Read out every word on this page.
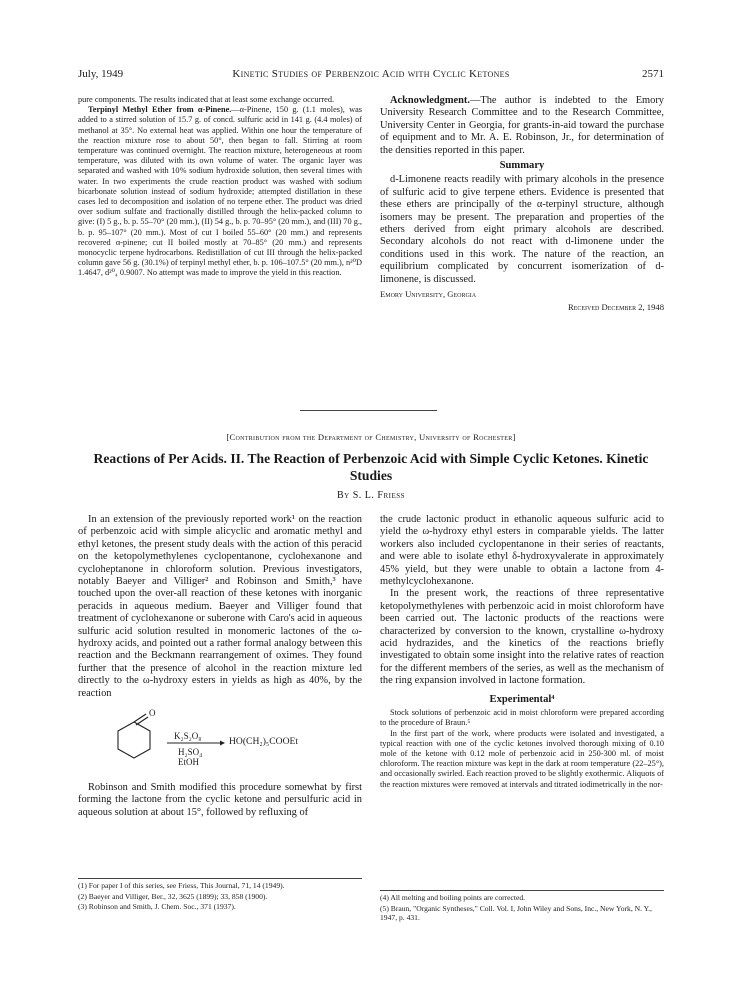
July, 1949	Kinetic Studies of Perbenzoic Acid with Cyclic Ketones	2571

pure components. The results indicated that at least some exchange occurred.

Terpinyl Methyl Ether from α-Pinene.—α-Pinene, 150 g. (1.1 moles), was added to a stirred solution of 15.7 g. of concd. sulfuric acid in 141 g. (4.4 moles) of methanol at 35°. No external heat was applied. Within one hour the temperature of the reaction mixture rose to about 50°, then began to fall. Stirring at room temperature was continued overnight. The reaction mixture, heterogeneous at room temperature, was diluted with its own volume of water. The organic layer was separated and washed with 10% sodium hydroxide solution, then several times with water. In two experiments the crude reaction product was washed with sodium bicarbonate solution instead of sodium hydroxide; attempted distillation in these cases led to decomposition and isolation of no terpene ether. The product was dried over sodium sulfate and fractionally distilled through the helix-packed column to give: (I) 5 g., b. p. 55–70° (20 mm.), (II) 54 g., b. p. 70–95° (20 mm.), and (III) 70 g., b. p. 95–107° (20 mm.). Most of cut I boiled 55–60° (20 mm.) and represents recovered α-pinene; cut II boiled mostly at 70–85° (20 mm.) and represents monocyclic terpene hydrocarbons. Redistillation of cut III through the helix-packed column gave 56 g. (30.1%) of terpinyl methyl ether, b. p. 106–107.5° (20 mm.), n²⁰D 1.4647, d²⁰₄ 0.9007. No attempt was made to improve the yield in this reaction.

Acknowledgment.—The author is indebted to the Emory University Research Committee and to the Research Committee, University Center in Georgia, for grants-in-aid toward the purchase of equipment and to Mr. A. E. Robinson, Jr., for determination of the densities reported in this paper.

Summary

d-Limonene reacts readily with primary alcohols in the presence of sulfuric acid to give terpene ethers. Evidence is presented that these ethers are principally of the α-terpinyl structure, although isomers may be present. The preparation and properties of the ethers derived from eight primary alcohols are described. Secondary alcohols do not react with d-limonene under the conditions used in this work. The nature of the reaction, an equilibrium complicated by concurrent isomerization of d-limonene, is discussed.

Emory University, Georgia
Received December 2, 1948
[Contribution from the Department of Chemistry, University of Rochester]
Reactions of Per Acids. II. The Reaction of Perbenzoic Acid with Simple Cyclic Ketones. Kinetic Studies
By S. L. Friess

In an extension of the previously reported work¹ on the reaction of perbenzoic acid with simple alicyclic and aromatic methyl and ethyl ketones, the present study deals with the action of this peracid on the ketopolymethylenes cyclopentanone, cyclohexanone and cycloheptanone in chloroform solution. Previous investigators, notably Baeyer and Villiger² and Robinson and Smith,³ have touched upon the over-all reaction of these ketones with inorganic peracids in aqueous medium. Baeyer and Villiger found that treatment of cyclohexanone or suberone with Caro's acid in aqueous sulfuric acid solution resulted in monomeric lactones of the ω-hydroxy acids, and pointed out a rather formal analogy between this reaction and the Beckmann rearrangement of oximes. They found further that the presence of alcohol in the reaction mixture led directly to the ω-hydroxy esters in yields as high as 40%, by the reaction

O
K₂S₂O₈
H₂SO₄
EtOH
HO(CH₂)₅COOEt

Robinson and Smith modified this procedure somewhat by first forming the lactone from the cyclic ketone and persulfuric acid in aqueous solution at about 15°, followed by refluxing of

(1) For paper I of this series, see Friess, This Journal, 71, 14 (1949).

(2) Baeyer and Villiger, Ber., 32, 3625 (1899); 33, 858 (1900).

(3) Robinson and Smith, J. Chem. Soc., 371 (1937).

the crude lactonic product in ethanolic aqueous sulfuric acid to yield the ω-hydroxy ethyl esters in comparable yields. The latter workers also included cyclopentanone in their series of reactants, and were able to isolate ethyl δ-hydroxyvalerate in approximately 45% yield, but they were unable to obtain a lactone from 4-methylcyclohexanone.

In the present work, the reactions of three representative ketopolymethylenes with perbenzoic acid in moist chloroform have been carried out. The lactonic products of the reactions were characterized by conversion to the known, crystalline ω-hydroxy acid hydrazides, and the kinetics of the reactions briefly investigated to obtain some insight into the relative rates of reaction for the different members of the series, as well as the mechanism of the ring expansion involved in lactone formation.

Experimental⁴

Stock solutions of perbenzoic acid in moist chloroform were prepared according to the procedure of Braun.⁵

In the first part of the work, where products were isolated and investigated, a typical reaction with one of the cyclic ketones involved thorough mixing of 0.10 mole of the ketone with 0.12 mole of perbenzoic acid in 250-300 ml. of moist chloroform. The reaction mixture was kept in the dark at room temperature (22–25°), and occasionally swirled. Each reaction proved to be slightly exothermic. Aliquots of the reaction mixtures were removed at intervals and titrated iodimetrically in the nor-

(4) All melting and boiling points are corrected.

(5) Braun, "Organic Syntheses," Coll. Vol. I, John Wiley and Sons, Inc., New York, N. Y., 1947, p. 431.
